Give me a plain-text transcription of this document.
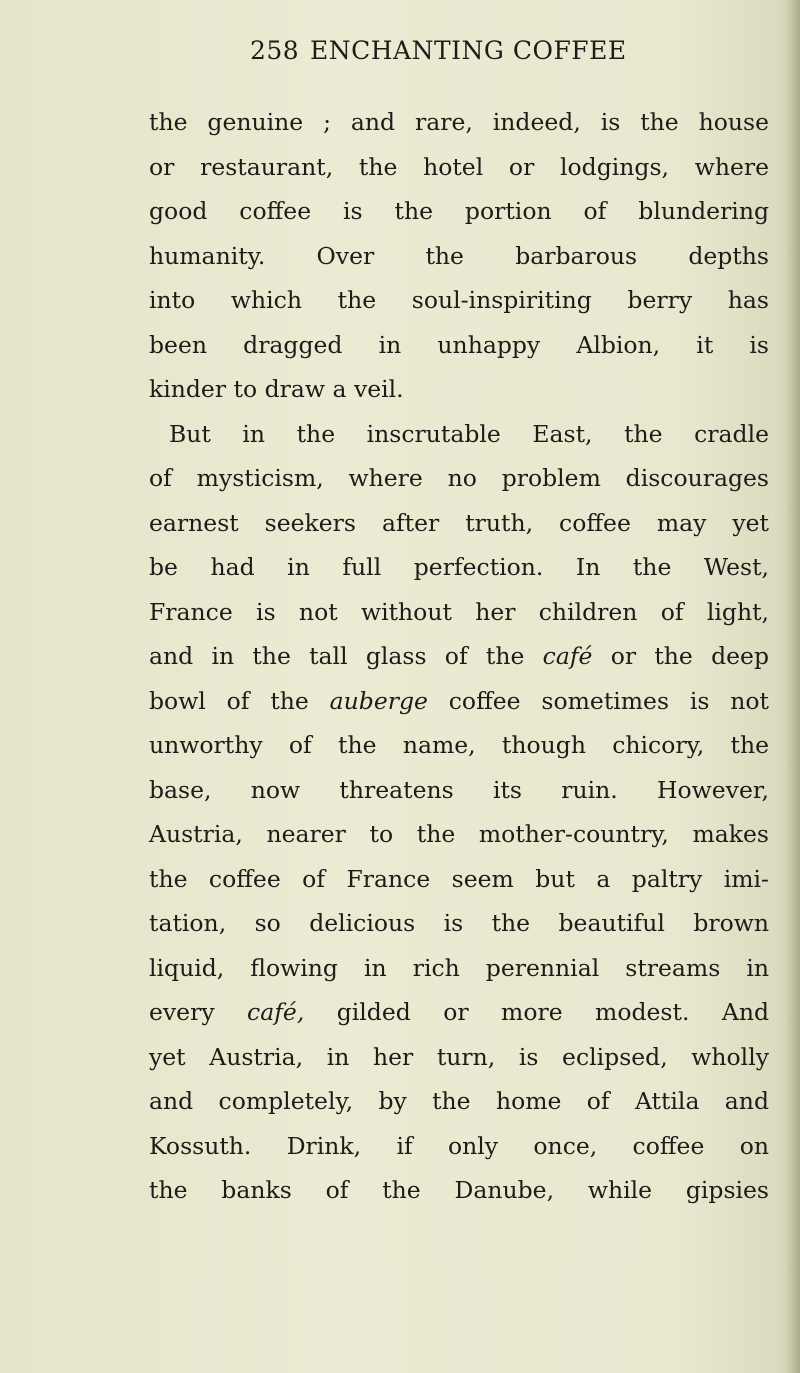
258 ENCHANTING COFFEE
the genuine ; and rare, indeed, is the house
or restaurant, the hotel or lodgings, where
good coffee is the portion of blundering
humanity. Over the barbarous depths
into which the soul-inspiriting berry has
been dragged in unhappy Albion, it is
kinder to draw a veil.
But in the inscrutable East, the cradle
of mysticism, where no problem discourages
earnest seekers after truth, coffee may yet
be had in full perfection. In the West,
France is not without her children of light,
and in the tall glass of the café or the deep
bowl of the auberge coffee sometimes is not
unworthy of the name, though chicory, the
base, now threatens its ruin. However,
Austria, nearer to the mother-country, makes
the coffee of France seem but a paltry imi-
tation, so delicious is the beautiful brown
liquid, flowing in rich perennial streams in
every café, gilded or more modest. And
yet Austria, in her turn, is eclipsed, wholly
and completely, by the home of Attila and
Kossuth. Drink, if only once, coffee on
the banks of the Danube, while gipsies
